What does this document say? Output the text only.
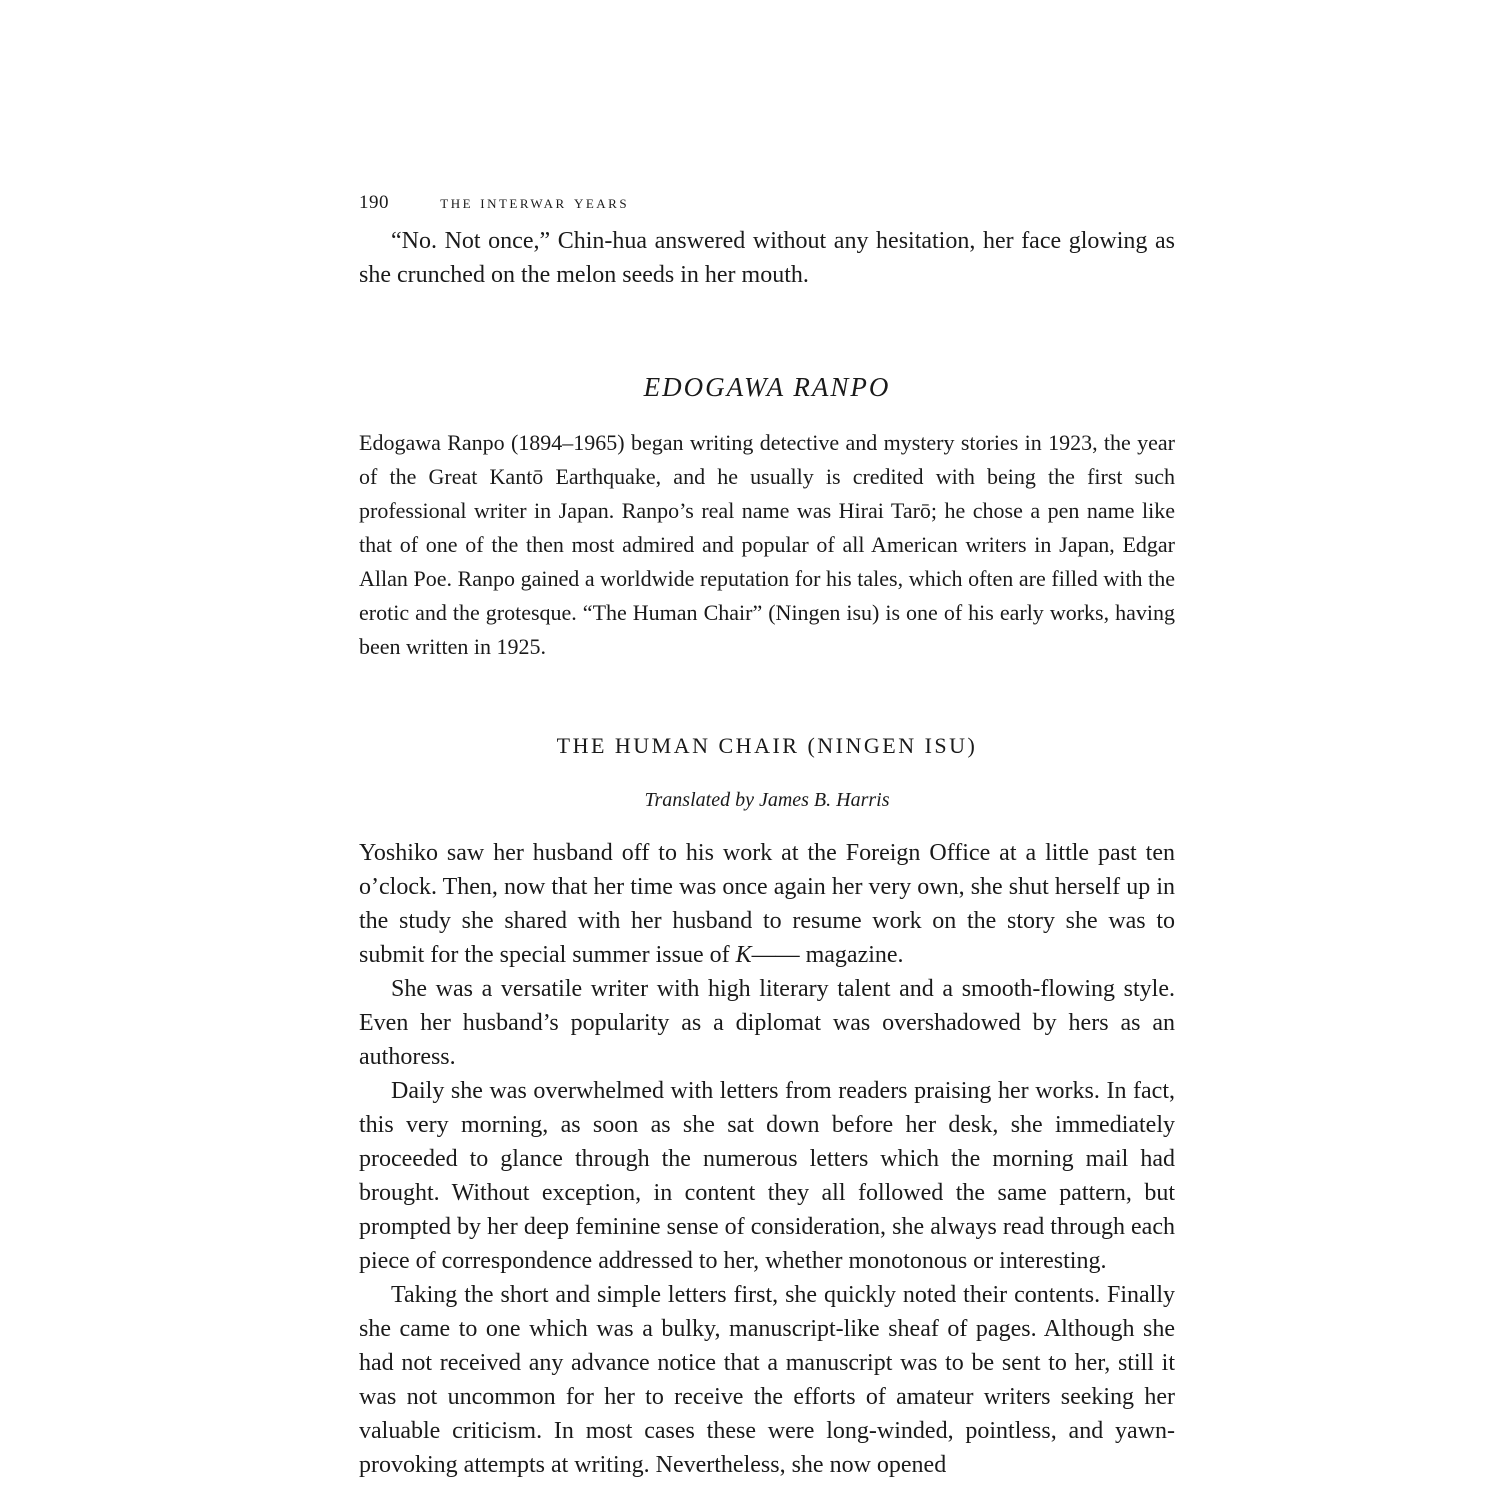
190	the interwar years

“No. Not once,” Chin-hua answered without any hesitation, her face glowing as she crunched on the melon seeds in her mouth.

EDOGAWA RANPO

Edogawa Ranpo (1894–1965) began writing detective and mystery stories in 1923, the year of the Great Kantō Earthquake, and he usually is credited with being the first such professional writer in Japan. Ranpo’s real name was Hirai Tarō; he chose a pen name like that of one of the then most admired and popular of all American writers in Japan, Edgar Allan Poe. Ranpo gained a worldwide reputation for his tales, which often are filled with the erotic and the grotesque. “The Human Chair” (Ningen isu) is one of his early works, having been written in 1925.

THE HUMAN CHAIR (NINGEN ISU)
Translated by James B. Harris

Yoshiko saw her husband off to his work at the Foreign Office at a little past ten o’clock. Then, now that her time was once again her very own, she shut herself up in the study she shared with her husband to resume work on the story she was to submit for the special summer issue of K—— magazine.

She was a versatile writer with high literary talent and a smooth-flowing style. Even her husband’s popularity as a diplomat was overshadowed by hers as an authoress.

Daily she was overwhelmed with letters from readers praising her works. In fact, this very morning, as soon as she sat down before her desk, she immediately proceeded to glance through the numerous letters which the morning mail had brought. Without exception, in content they all followed the same pattern, but prompted by her deep feminine sense of consideration, she always read through each piece of correspondence addressed to her, whether monotonous or interesting.

Taking the short and simple letters first, she quickly noted their contents. Finally she came to one which was a bulky, manuscript-like sheaf of pages. Although she had not received any advance notice that a manuscript was to be sent to her, still it was not uncommon for her to receive the efforts of amateur writers seeking her valuable criticism. In most cases these were long-winded, pointless, and yawn-provoking attempts at writing. Nevertheless, she now opened
